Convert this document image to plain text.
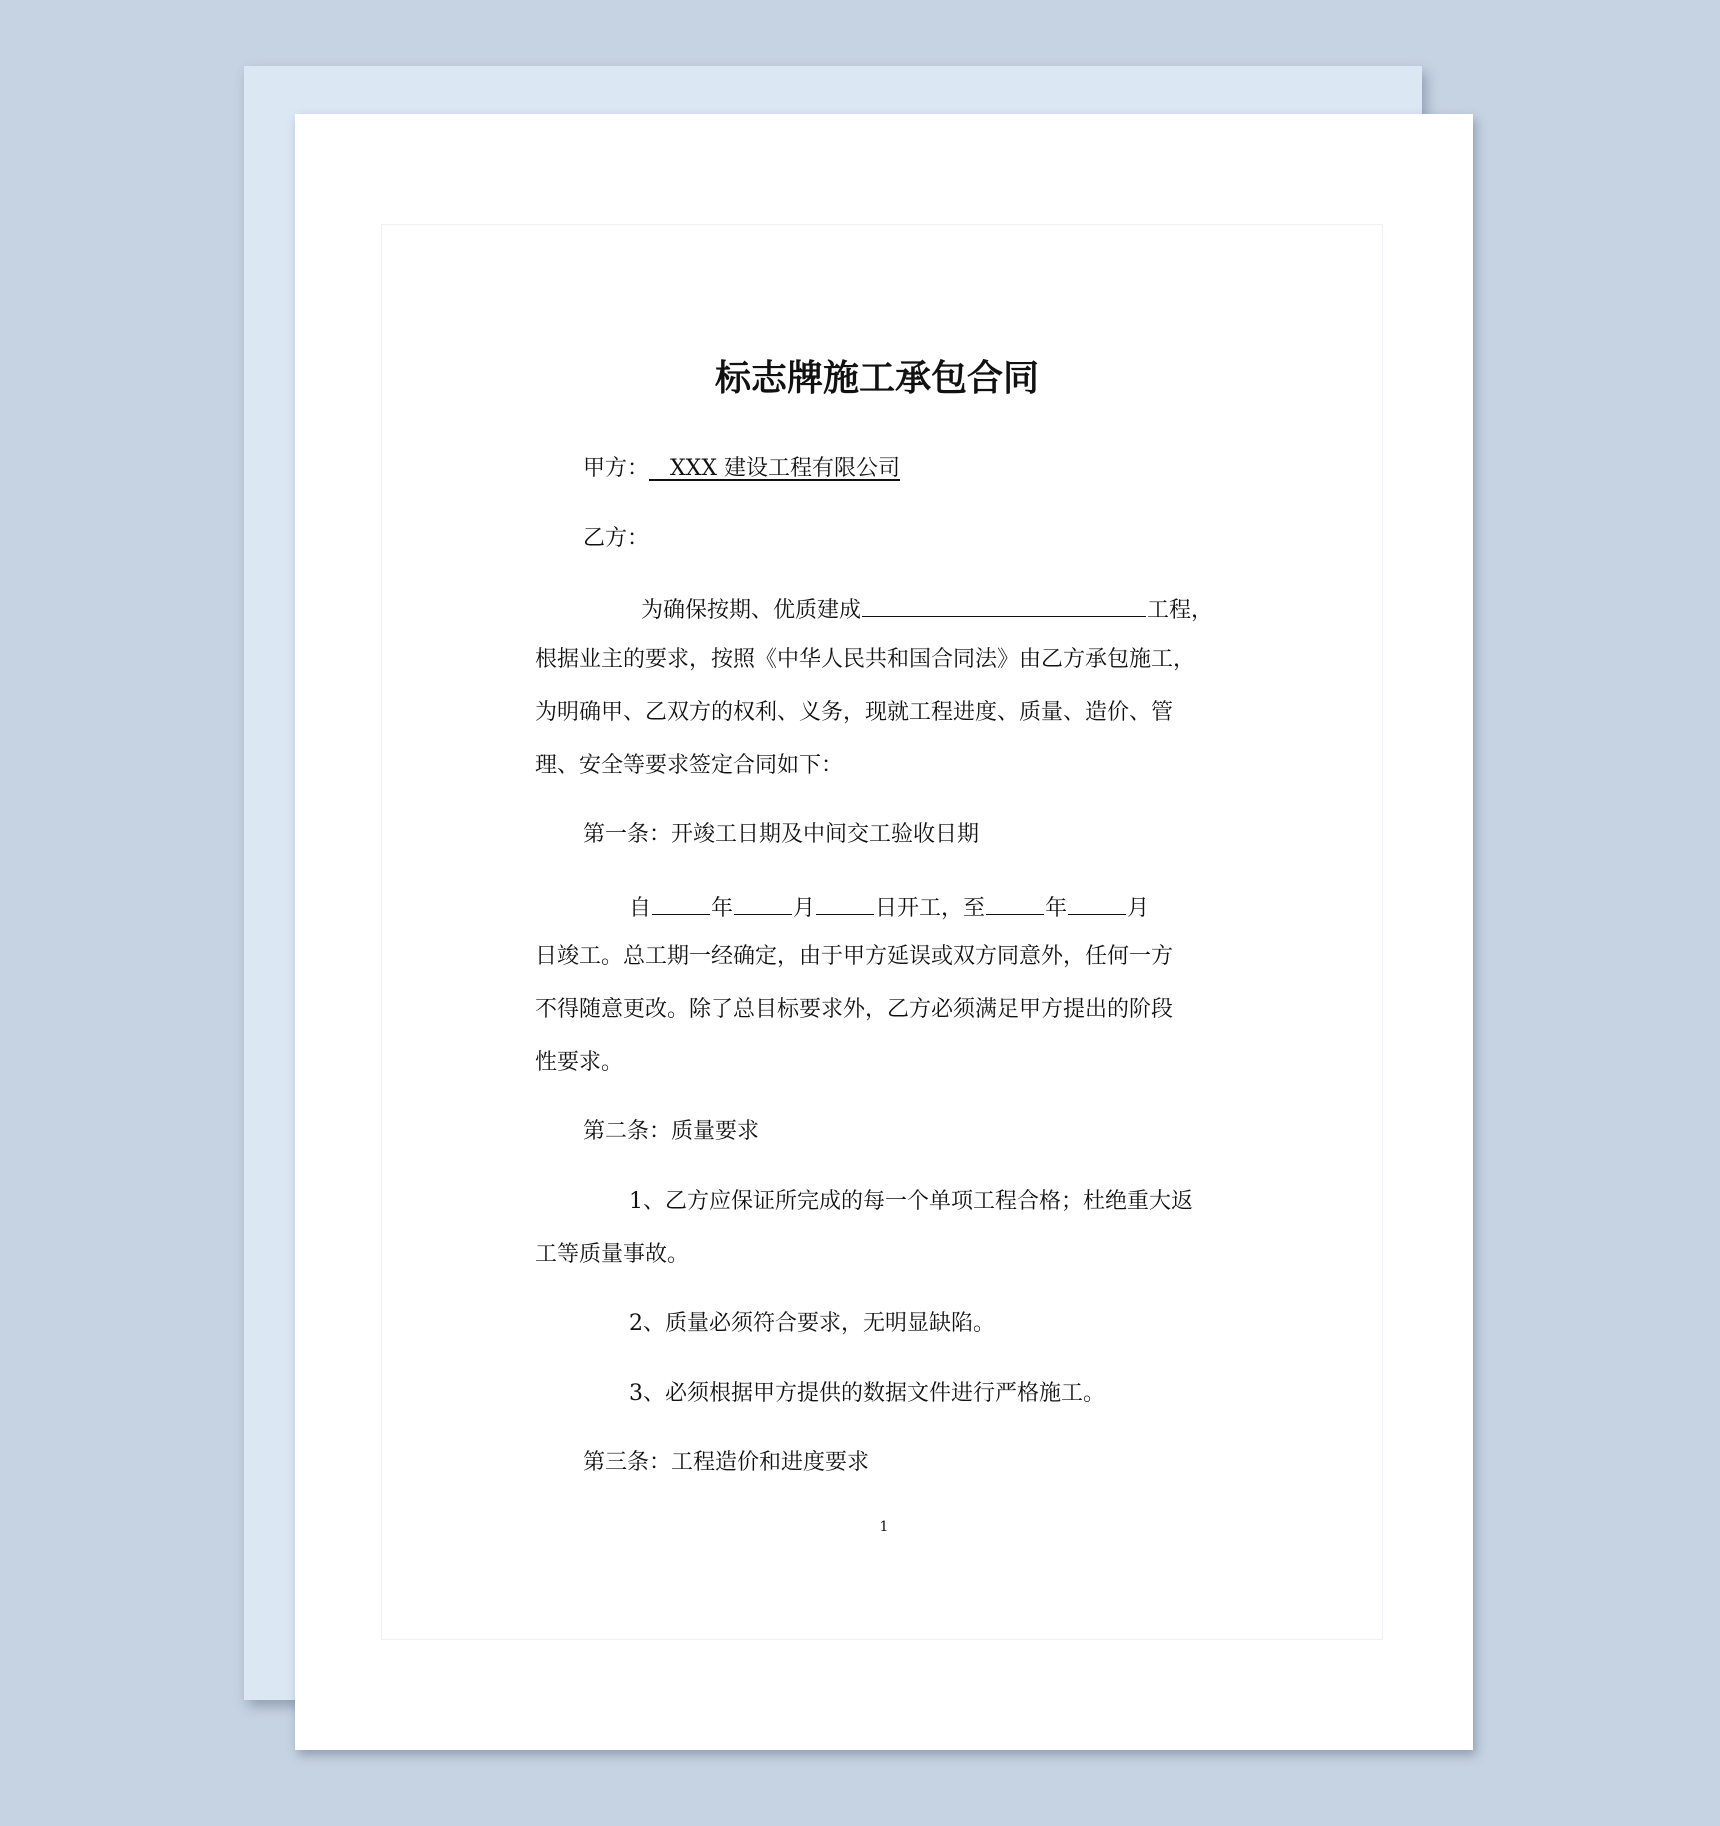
标志牌施工承包合同
甲方： XXX 建设工程有限公司
乙方：
为确保按期、优质建成	工程，
根据业主的要求，按照《中华人民共和国合同法》由乙方承包施工，
为明确甲、乙双方的权利、义务，现就工程进度、质量、造价、管
理、安全等要求签定合同如下：
第一条：开竣工日期及中间交工验收日期
自	年	月	日开工，至	年	月
日竣工。总工期一经确定，由于甲方延误或双方同意外，任何一方
不得随意更改。除了总目标要求外，乙方必须满足甲方提出的阶段
性要求。
第二条：质量要求
1、乙方应保证所完成的每一个单项工程合格；杜绝重大返
工等质量事故。
2、质量必须符合要求，无明显缺陷。
3、必须根据甲方提供的数据文件进行严格施工。
第三条：工程造价和进度要求
1
